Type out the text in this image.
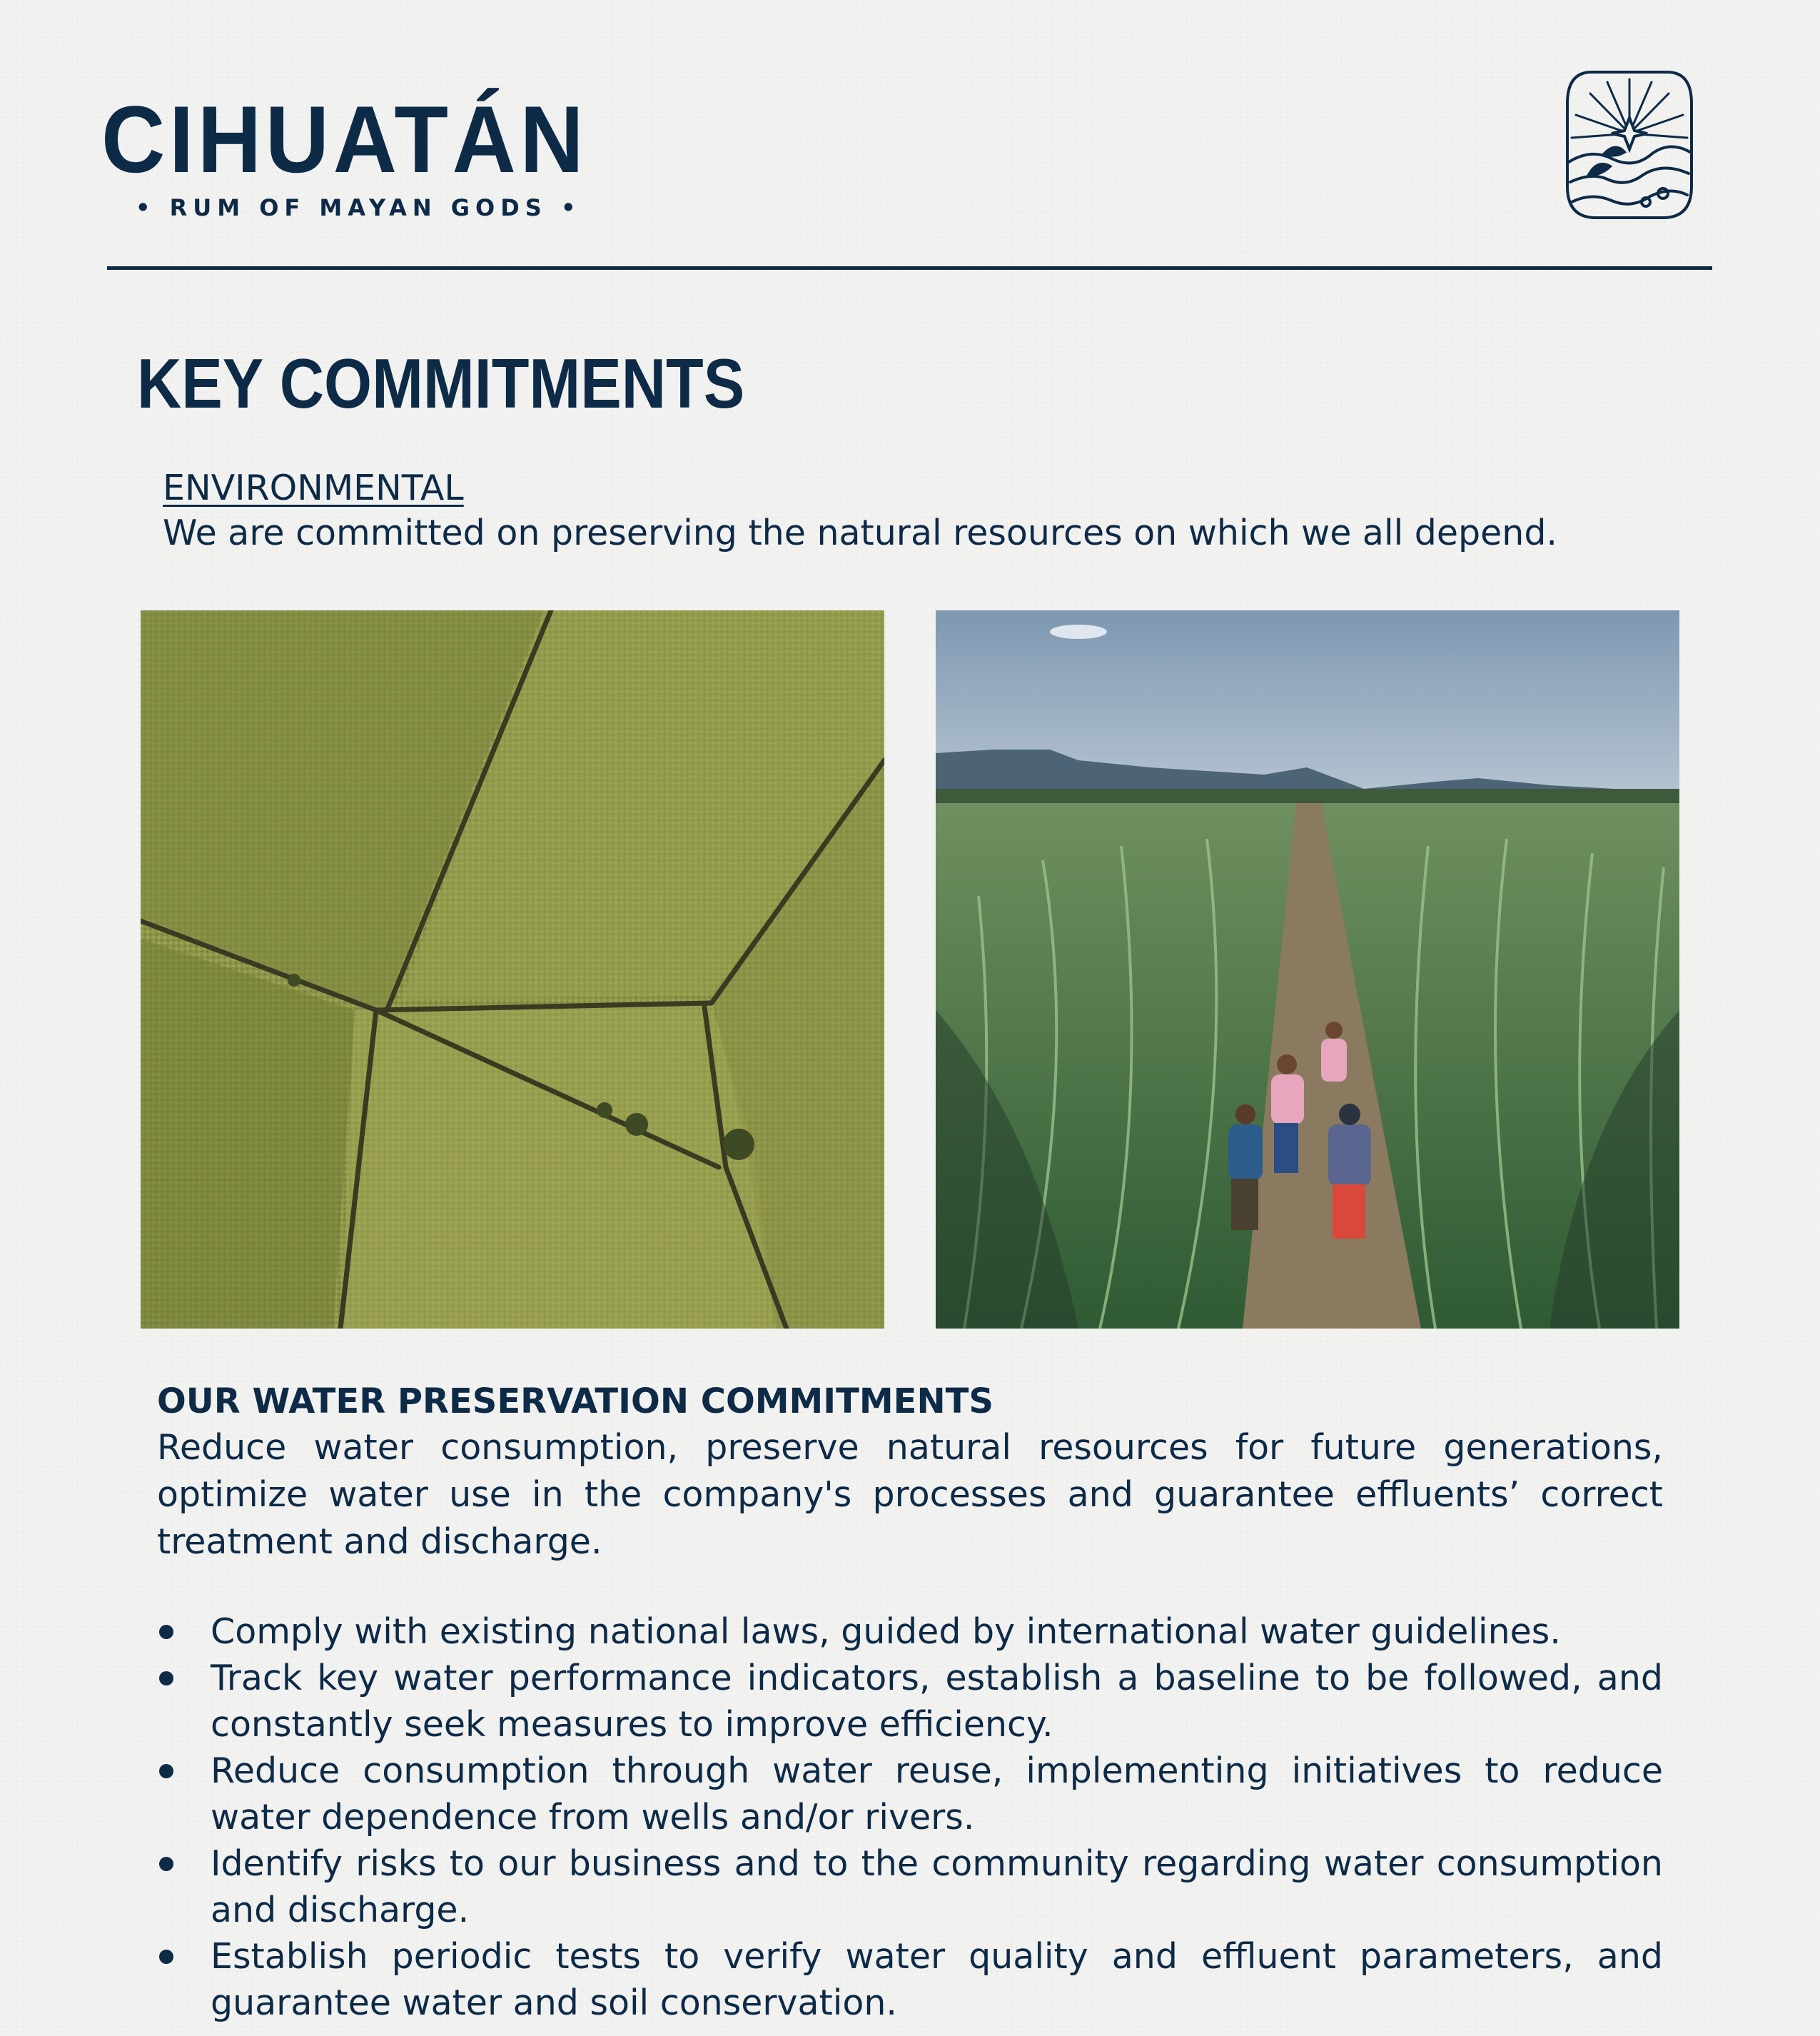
CIHUATÁN
• RUM OF MAYAN GODS •
KEY COMMITMENTS
ENVIRONMENTAL
We are committed on preserving the natural resources on which we all depend.
OUR WATER PRESERVATION COMMITMENTS

Reduce water consumption, preserve natural resources for future generations, optimize water use in the company's processes and guarantee effluents’ correct treatment and discharge.

Comply with existing national laws, guided by international water guidelines.
Track key water performance indicators, establish a baseline to be followed, and constantly seek measures to improve efficiency.
Reduce consumption through water reuse, implementing initiatives to reduce water dependence from wells and/or rivers.
Identify risks to our business and to the community regarding water consumption and discharge.
Establish periodic tests to verify water quality and effluent parameters, and guarantee water and soil conservation.
